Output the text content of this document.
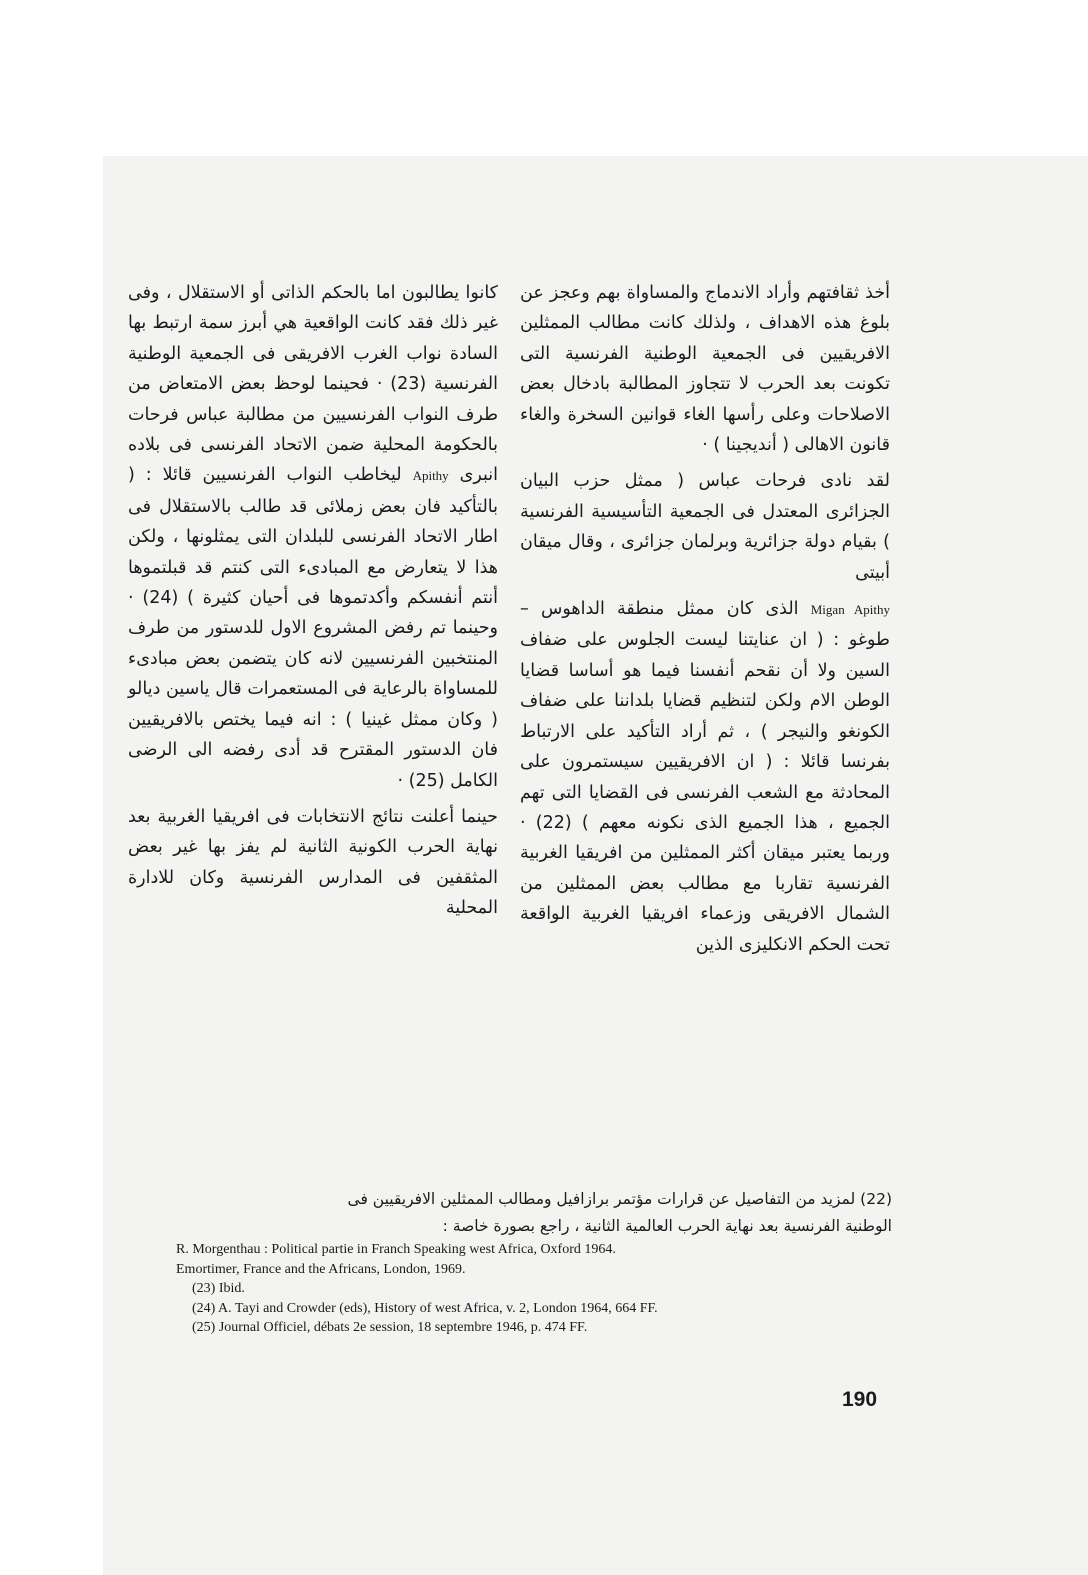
أخذ ثقافتهم وأراد الاندماج والمساواة بهم وعجز عن بلوغ هذه الاهداف ، ولذلك كانت مطالب الممثلين الافريقيين فى الجمعية الوطنية الفرنسية التى تكونت بعد الحرب لا تتجاوز المطالبة بادخال بعض الاصلاحات وعلى رأسها الغاء قوانين السخرة والغاء قانون الاهالى ( أنديجينا ) ·

لقد نادى فرحات عباس ( ممثل حزب البيان الجزائرى المعتدل فى الجمعية التأسيسية الفرنسية ) بقيام دولة جزائرية وبرلمان جزائرى ، وقال ميقان أبيتى

Migan Apithy الذى كان ممثل منطقة الداهوس – طوغو : ( ان عنايتنا ليست الجلوس على ضفاف السين ولا أن نقحم أنفسنا فيما هو أساسا قضايا الوطن الام ولكن لتنظيم قضايا بلداننا على ضفاف الكونغو والنيجر ) ، ثم أراد التأكيد على الارتباط بفرنسا قائلا : ( ان الافريقيين سيستمرون على المحادثة مع الشعب الفرنسى فى القضايا التى تهم الجميع ، هذا الجميع الذى نكونه معهم ) (22) · وربما يعتبر ميقان أكثر الممثلين من افريقيا الغربية الفرنسية تقاربا مع مطالب بعض الممثلين من الشمال الافريقى وزعماء افريقيا الغربية الواقعة تحت الحكم الانكليزى الذين

كانوا يطالبون اما بالحكم الذاتى أو الاستقلال ، وفى غير ذلك فقد كانت الواقعية هي أبرز سمة ارتبط بها السادة نواب الغرب الافريقى فى الجمعية الوطنية الفرنسية (23) · فحينما لوحظ بعض الامتعاض من طرف النواب الفرنسيين من مطالبة عباس فرحات بالحكومة المحلية ضمن الاتحاد الفرنسى فى بلاده انبرى Apithy ليخاطب النواب الفرنسيين قائلا : ( بالتأكيد فان بعض زملائى قد طالب بالاستقلال فى اطار الاتحاد الفرنسى للبلدان التى يمثلونها ، ولكن هذا لا يتعارض مع المبادىء التى كنتم قد قبلتموها أنتم أنفسكم وأكدتموها فى أحيان كثيرة ) (24) · وحينما تم رفض المشروع الاول للدستور من طرف المنتخبين الفرنسيين لانه كان يتضمن بعض مبادىء للمساواة بالرعاية فى المستعمرات قال ياسين ديالو ( وكان ممثل غينيا ) : انه فيما يختص بالافريقيين فان الدستور المقترح قد أدى رفضه الى الرضى الكامل (25) ·

حينما أعلنت نتائج الانتخابات فى افريقيا الغربية بعد نهاية الحرب الكونية الثانية لم يفز بها غير بعض المثقفين فى المدارس الفرنسية وكان للادارة المحلية

(22) لمزيد من التفاصيل عن قرارات مؤتمر برازافيل ومطالب الممثلين الافريقيين فى

الوطنية الفرنسية بعد نهاية الحرب العالمية الثانية ، راجع بصورة خاصة :

R. Morgenthau : Political partie in Franch Speaking west Africa, Oxford 1964.

Emortimer, France and the Africans, London, 1969.

(23) Ibid.

(24) A. Tayi and Crowder (eds), History of west Africa, v. 2, London 1964, 664 FF.

(25) Journal Officiel, débats 2e session, 18 septembre 1946, p. 474 FF.

190
